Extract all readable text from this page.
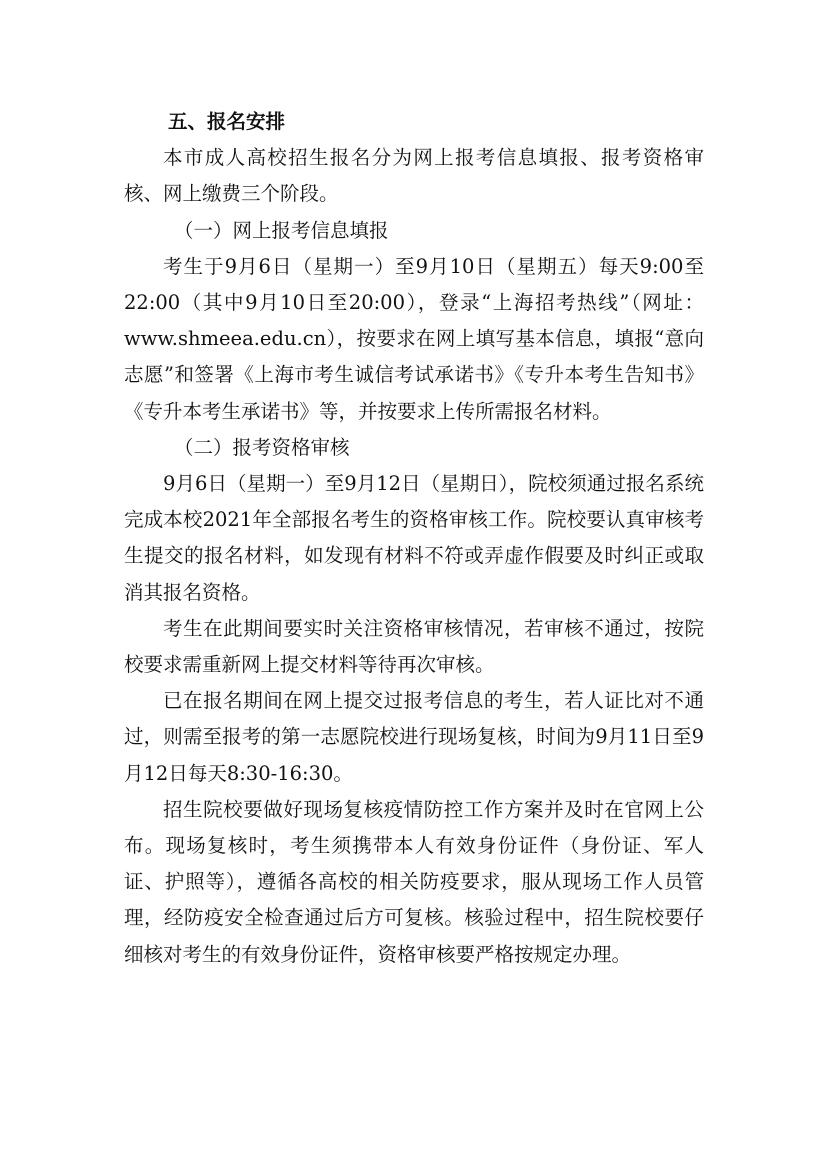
五、报名安排

本市成人高校招生报名分为网上报考信息填报、报考资格审核、网上缴费三个阶段。

（一）网上报考信息填报

考生于9月6日（星期一）至9月10日（星期五）每天9:00至22:00（其中9月10日至20:00），登录“上海招考热线”（网址：www.shmeea.edu.cn），按要求在网上填写基本信息，填报“意向志愿”和签署《上海市考生诚信考试承诺书》《专升本考生告知书》《专升本考生承诺书》等，并按要求上传所需报名材料。

（二）报考资格审核

9月6日（星期一）至9月12日（星期日），院校须通过报名系统完成本校2021年全部报名考生的资格审核工作。院校要认真审核考生提交的报名材料，如发现有材料不符或弄虚作假要及时纠正或取消其报名资格。

考生在此期间要实时关注资格审核情况，若审核不通过，按院校要求需重新网上提交材料等待再次审核。

已在报名期间在网上提交过报考信息的考生，若人证比对不通过，则需至报考的第一志愿院校进行现场复核，时间为9月11日至9月12日每天8:30-16:30。

招生院校要做好现场复核疫情防控工作方案并及时在官网上公布。现场复核时，考生须携带本人有效身份证件（身份证、军人证、护照等），遵循各高校的相关防疫要求，服从现场工作人员管理，经防疫安全检查通过后方可复核。核验过程中，招生院校要仔细核对考生的有效身份证件，资格审核要严格按规定办理。
